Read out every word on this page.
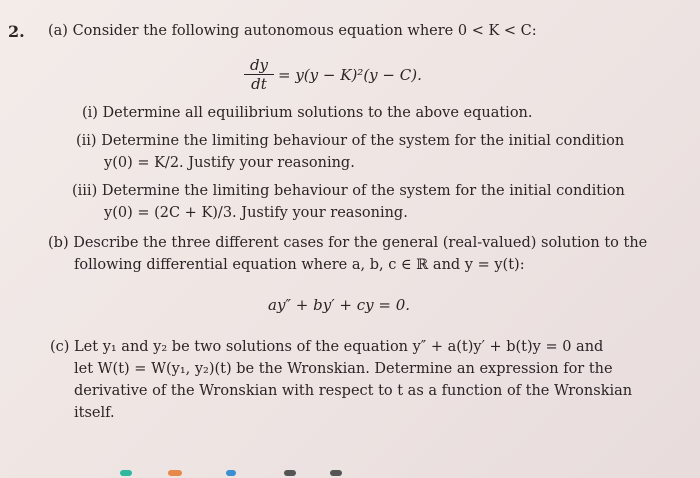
2. (a) Consider the following autonomous equation where 0 < K < C:
$\frac{dy}{dt} = y(y - K)^2(y - C)$.
(i) Determine all equilibrium solutions to the above equation.
(ii) Determine the limiting behaviour of the system for the initial condition
y(0) = K/2. Justify your reasoning.
(iii) Determine the limiting behaviour of the system for the initial condition
y(0) = (2C + K)/3. Justify your reasoning.
(b) Describe the three different cases for the general (real-valued) solution to the
following differential equation where a, b, c ∈ ℝ and y = y(t):
ay″ + by′ + cy = 0.
(c) Let y₁ and y₂ be two solutions of the equation y″ + a(t)y′ + b(t)y = 0 and
let W(t) = W(y₁, y₂)(t) be the Wronskian. Determine an expression for the
derivative of the Wronskian with respect to t as a function of the Wronskian
itself.
